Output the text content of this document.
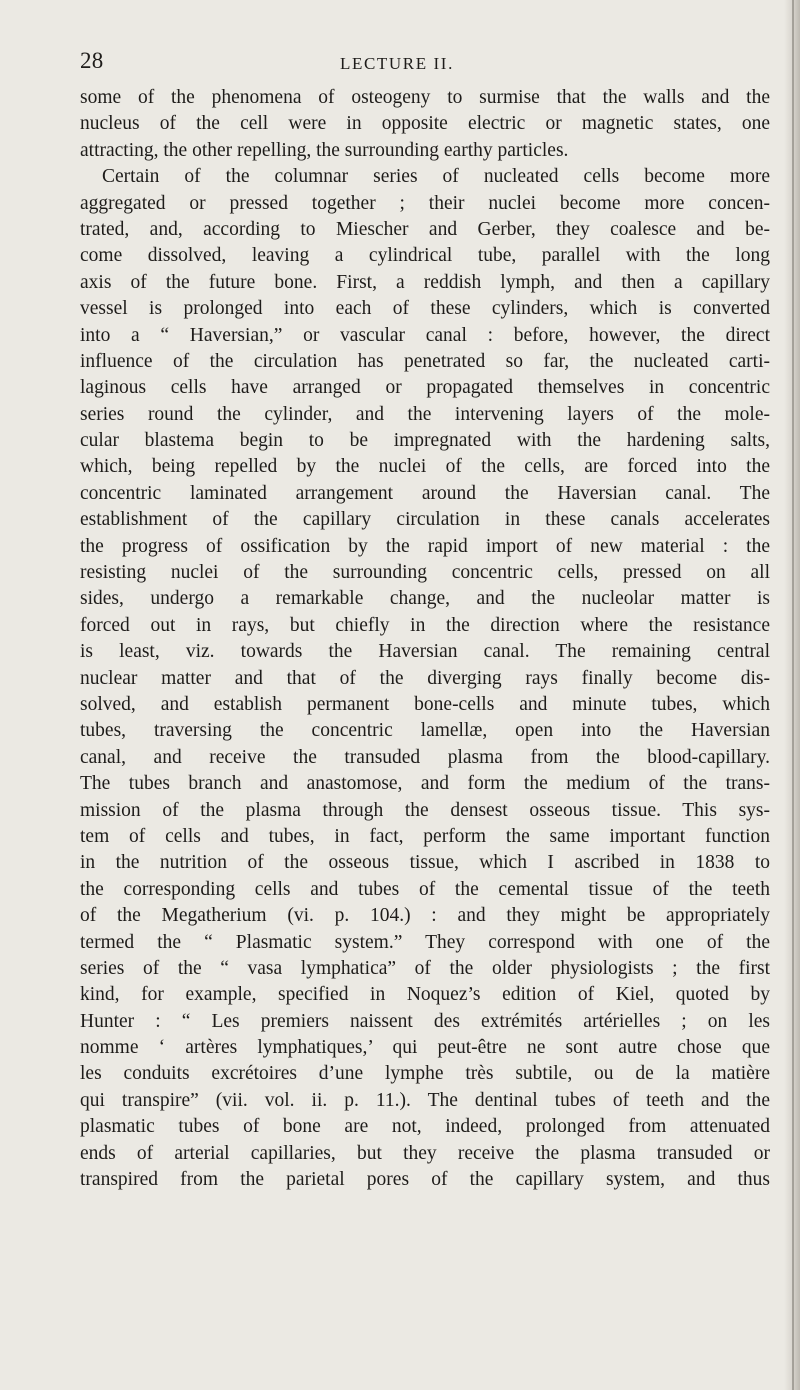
28	LECTURE II.
some of the phenomena of osteogeny to surmise that the walls and the
nucleus of the cell were in opposite electric or magnetic states, one
attracting, the other repelling, the surrounding earthy particles.
Certain of the columnar series of nucleated cells become more
aggregated or pressed together ; their nuclei become more concen-
trated, and, according to Miescher and Gerber, they coalesce and be-
come dissolved, leaving a cylindrical tube, parallel with the long
axis of the future bone. First, a reddish lymph, and then a capillary
vessel is prolonged into each of these cylinders, which is converted
into a “ Haversian,” or vascular canal : before, however, the direct
influence of the circulation has penetrated so far, the nucleated carti-
laginous cells have arranged or propagated themselves in concentric
series round the cylinder, and the intervening layers of the mole-
cular blastema begin to be impregnated with the hardening salts,
which, being repelled by the nuclei of the cells, are forced into the
concentric laminated arrangement around the Haversian canal. The
establishment of the capillary circulation in these canals accelerates
the progress of ossification by the rapid import of new material : the
resisting nuclei of the surrounding concentric cells, pressed on all
sides, undergo a remarkable change, and the nucleolar matter is
forced out in rays, but chiefly in the direction where the resistance
is least, viz. towards the Haversian canal. The remaining central
nuclear matter and that of the diverging rays finally become dis-
solved, and establish permanent bone-cells and minute tubes, which
tubes, traversing the concentric lamellæ, open into the Haversian
canal, and receive the transuded plasma from the blood-capillary.
The tubes branch and anastomose, and form the medium of the trans-
mission of the plasma through the densest osseous tissue. This sys-
tem of cells and tubes, in fact, perform the same important function
in the nutrition of the osseous tissue, which I ascribed in 1838 to
the corresponding cells and tubes of the cemental tissue of the teeth
of the Megatherium (vi. p. 104.) : and they might be appropriately
termed the “ Plasmatic system.” They correspond with one of the
series of the “ vasa lymphatica” of the older physiologists ; the first
kind, for example, specified in Noquez’s edition of Kiel, quoted by
Hunter : “ Les premiers naissent des extrémités artérielles ; on les
nomme ‘ artères lymphatiques,’ qui peut-être ne sont autre chose que
les conduits excrétoires d’une lymphe très subtile, ou de la matière
qui transpire” (vii. vol. ii. p. 11.). The dentinal tubes of teeth and the
plasmatic tubes of bone are not, indeed, prolonged from attenuated
ends of arterial capillaries, but they receive the plasma transuded or
transpired from the parietal pores of the capillary system, and thus
